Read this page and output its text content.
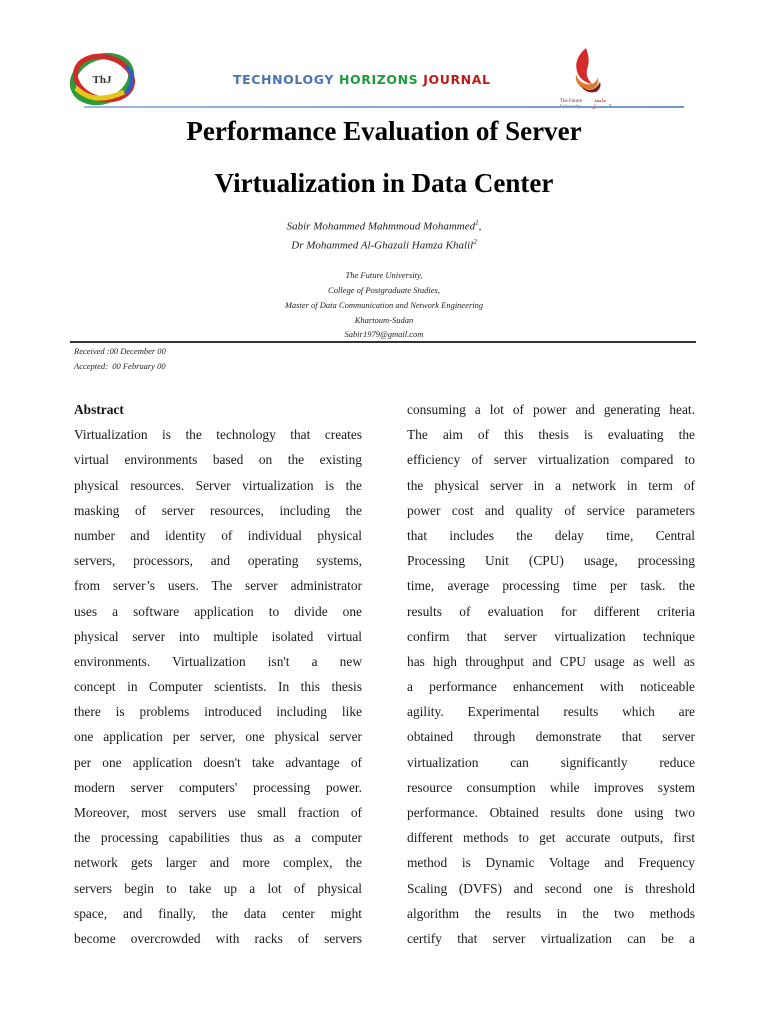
ThJ	TECHNOLOGY HORIZONS JOURNAL
The Future جامعة
Performance Evaluation of Server
Virtualization in Data Center
Sabir Mohammed Mahmmoud Mohammed$^1$,
Dr Mohammed Al-Ghazali Hamza Khalil$^2$
The Future University,
College of Postgraduate Studies,
Master of Data Communication and Network Engineering
Khartoum-Sudan
Sabir1979@gmail.com
Received :00 December 00
Accepted:  00 February 00
Abstract
Virtualization is the technology that creates
virtual environments based on the existing
physical resources. Server virtualization is the
masking of server resources, including the
number and identity of individual physical
servers, processors, and operating systems,
from server’s users. The server administrator
uses a software application to divide one
physical server into multiple isolated virtual
environments. Virtualization isn't a new
concept in Computer scientists. In this thesis
there is problems introduced including like
one application per server, one physical server
per one application doesn't take advantage of
modern server computers' processing power.
Moreover, most servers use small fraction of
the processing capabilities thus as a computer
network gets larger and more complex, the
servers begin to take up a lot of physical
space, and finally, the data center might
become overcrowded with racks of servers
consuming a lot of power and generating heat.
The aim of this thesis is evaluating the
efficiency of server virtualization compared to
the physical server in a network in term of
power cost and quality of service parameters
that includes the delay time, Central
Processing Unit (CPU) usage, processing
time, average processing time per task. the
results of evaluation for different criteria
confirm that server virtualization technique
has high throughput and CPU usage as well as
a performance enhancement with noticeable
agility. Experimental results which are
obtained through demonstrate that server
virtualization can significantly reduce
resource consumption while improves system
performance. Obtained results done using two
different methods to get accurate outputs, first
method is Dynamic Voltage and Frequency
Scaling (DVFS) and second one is threshold
algorithm the results in the two methods
certify that server virtualization can be a
